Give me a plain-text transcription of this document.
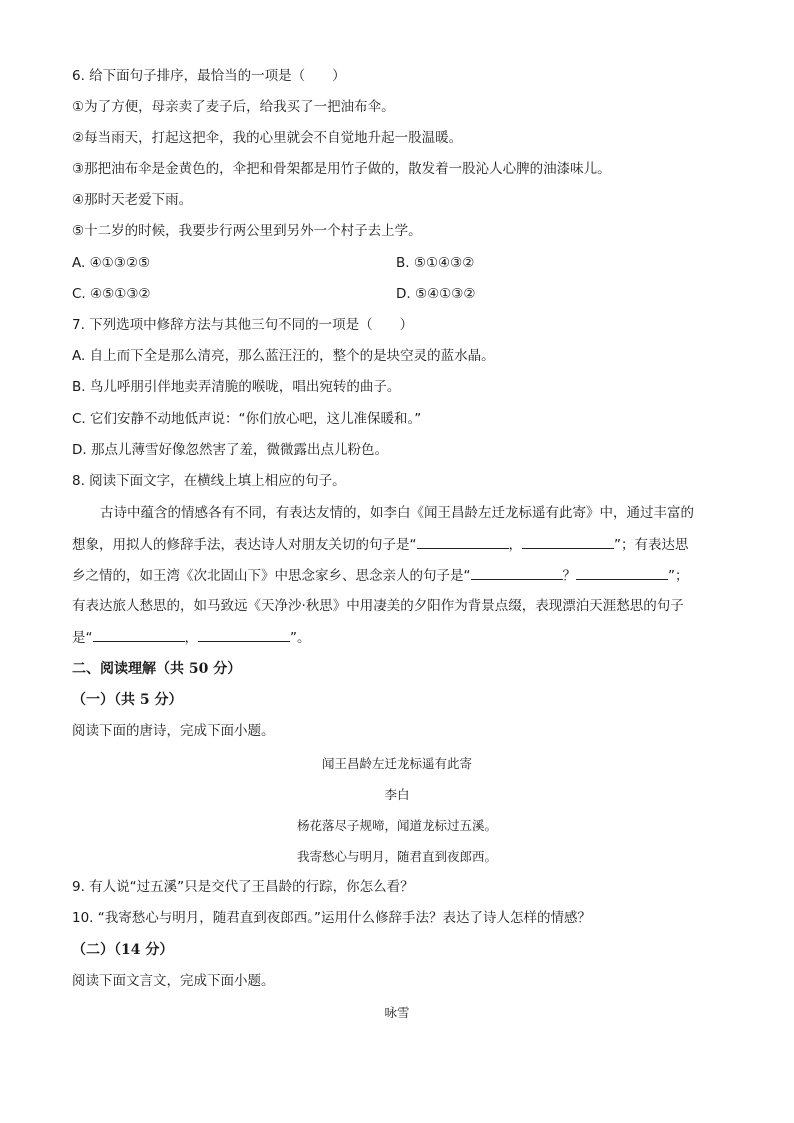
6. 给下面句子排序，最恰当的一项是（　　）
①为了方便，母亲卖了麦子后，给我买了一把油布伞。
②每当雨天，打起这把伞，我的心里就会不自觉地升起一股温暖。
③那把油布伞是金黄色的，伞把和骨架都是用竹子做的，散发着一股沁人心脾的油漆味儿。
④那时天老爱下雨。
⑤十二岁的时候，我要步行两公里到另外一个村子去上学。
A. ④①③②⑤	B. ⑤①④③②
C. ④⑤①③②	D. ⑤④①③②
7. 下列选项中修辞方法与其他三句不同的一项是（　　）
A. 自上而下全是那么清亮，那么蓝汪汪的，整个的是块空灵的蓝水晶。
B. 鸟儿呼朋引伴地卖弄清脆的喉咙，唱出宛转的曲子。
C. 它们安静不动地低声说：“你们放心吧，这儿准保暖和。”
D. 那点儿薄雪好像忽然害了羞，微微露出点儿粉色。
8. 阅读下面文字，在横线上填上相应的句子。
古诗中蕴含的情感各有不同，有表达友情的，如李白《闻王昌龄左迁龙标遥有此寄》中，通过丰富的
想象，用拟人的修辞手法，表达诗人对朋友关切的句子是“	，	”；有表达思
乡之情的，如王湾《次北固山下》中思念家乡、思念亲人的句子是“	？	”；
有表达旅人愁思的，如马致远《天净沙·秋思》中用凄美的夕阳作为背景点缀，表现漂泊天涯愁思的句子
是“	，	”。
二、阅读理解（共 50 分）
（一）（共 5 分）
阅读下面的唐诗，完成下面小题。
闻王昌龄左迁龙标遥有此寄
李白
杨花落尽子规啼，闻道龙标过五溪。
我寄愁心与明月，随君直到夜郎西。
9. 有人说“过五溪”只是交代了王昌龄的行踪，你怎么看？
10. “我寄愁心与明月，随君直到夜郎西。”运用什么修辞手法？表达了诗人怎样的情感？
（二）（14 分）
阅读下面文言文，完成下面小题。
咏雪
